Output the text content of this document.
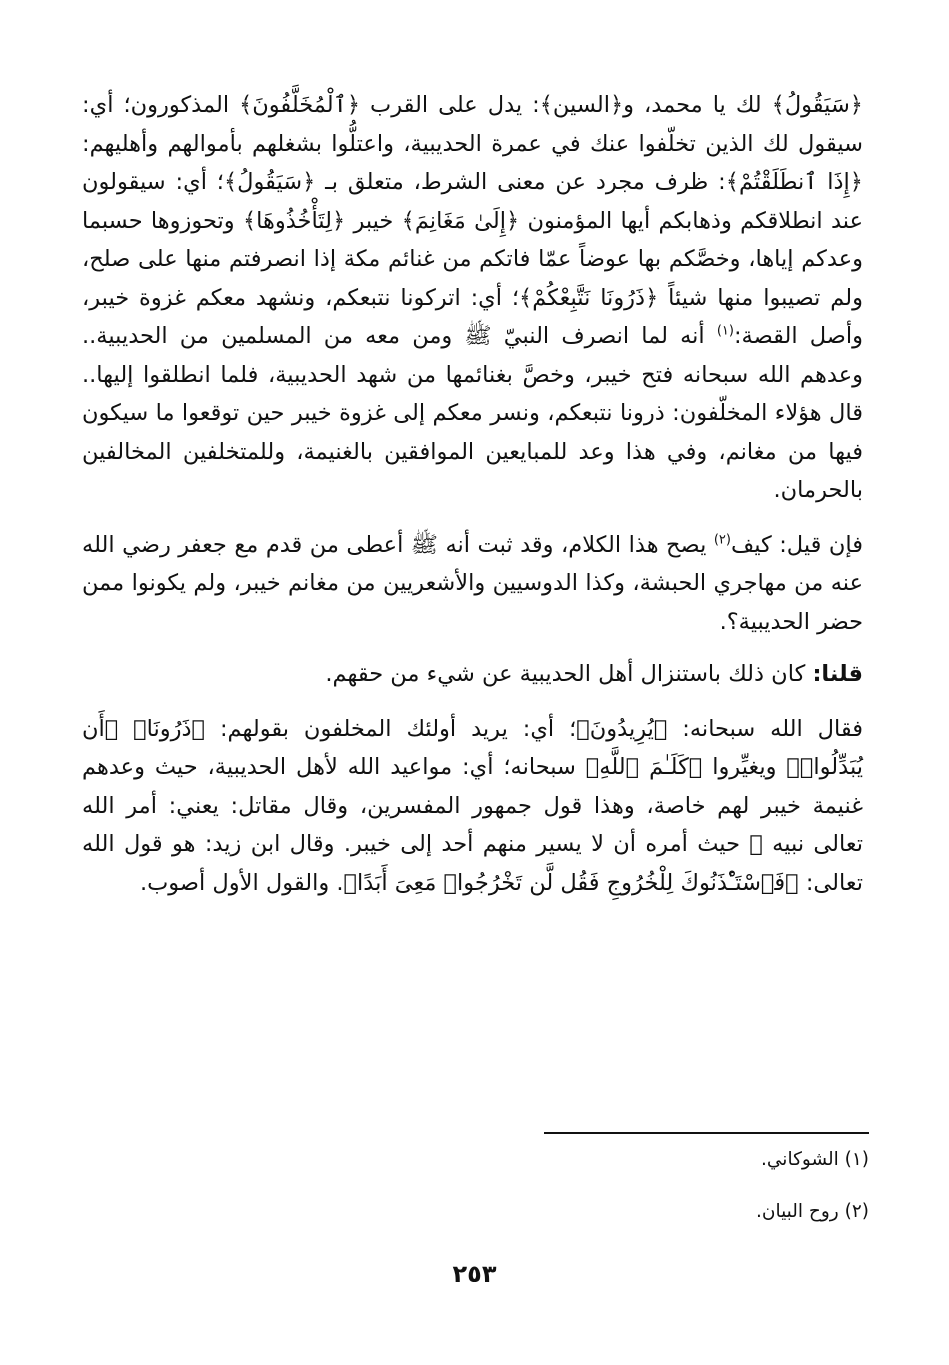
﴿سَيَقُولُ﴾ لك يا محمد، و﴿السين﴾: يدل على القرب ﴿ٱلْمُخَلَّفُونَ﴾ المذكورون؛ أي: سيقول لك الذين تخلّفوا عنك في عمرة الحديبية، واعتلُّوا بشغلهم بأموالهم وأهليهم: ﴿إِذَا ٱنطَلَقْتُمْ﴾: ظرف مجرد عن معنى الشرط، متعلق بـ ﴿سَيَقُولُ﴾؛ أي: سيقولون عند انطلاقكم وذهابكم أيها المؤمنون ﴿إِلَىٰ مَغَانِمَ﴾ خيبر ﴿لِتَأْخُذُوهَا﴾ وتحوزوها حسبما وعدكم إياها، وخصَّكم بها عوضاً عمّا فاتكم من غنائم مكة إذا انصرفتم منها على صلح، ولم تصيبوا منها شيئاً ﴿ذَرُونَا نَتَّبِعْكُمْ﴾؛ أي: اتركونا نتبعكم، ونشهد معكم غزوة خيبر، وأصل القصة:$^{(١)}$ أنه لما انصرف النبيّ ﷺ ومن معه من المسلمين من الحديبية.. وعدهم الله سبحانه فتح خيبر، وخصَّ بغنائمها من شهد الحديبية، فلما انطلقوا إليها.. قال هؤلاء المخلّفون: ذرونا نتبعكم، ونسر معكم إلى غزوة خيبر حين توقعوا ما سيكون فيها من مغانم، وفي هذا وعد للمبايعين الموافقين بالغنيمة، وللمتخلفين المخالفين بالحرمان.

فإن قيل: كيف$^{(٢)}$ يصح هذا الكلام، وقد ثبت أنه ﷺ أعطى من قدم مع جعفر رضي الله عنه من مهاجري الحبشة، وكذا الدوسيين والأشعريين من مغانم خيبر، ولم يكونوا ممن حضر الحديبية؟.

قلنا: كان ذلك باستنزال أهل الحديبية عن شيء من حقهم.

فقال الله سبحانه: ﴿يُرِيدُونَ﴾؛ أي: يريد أولئك المخلفون بقولهم: ﴿ذَرُونَا﴾ ﴿أَن يُبَدِّلُوا۟﴾ ويغيِّروا ﴿كَلَـٰمَ ٱللَّهِ﴾ سبحانه؛ أي: مواعيد الله لأهل الحديبية، حيث وعدهم غنيمة خيبر لهم خاصة، وهذا قول جمهور المفسرين، وقال مقاتل: يعني: أمر الله تعالى نبيه ﷺ حيث أمره أن لا يسير منهم أحد إلى خيبر. وقال ابن زيد: هو قول الله تعالى: ﴿فَٱسْتَـْٔذَنُوكَ لِلْخُرُوجِ فَقُل لَّن تَخْرُجُوا۟ مَعِىَ أَبَدًا﴾. والقول الأول أصوب.

(١) الشوكاني.

(٢) روح البيان.

٢٥٣
